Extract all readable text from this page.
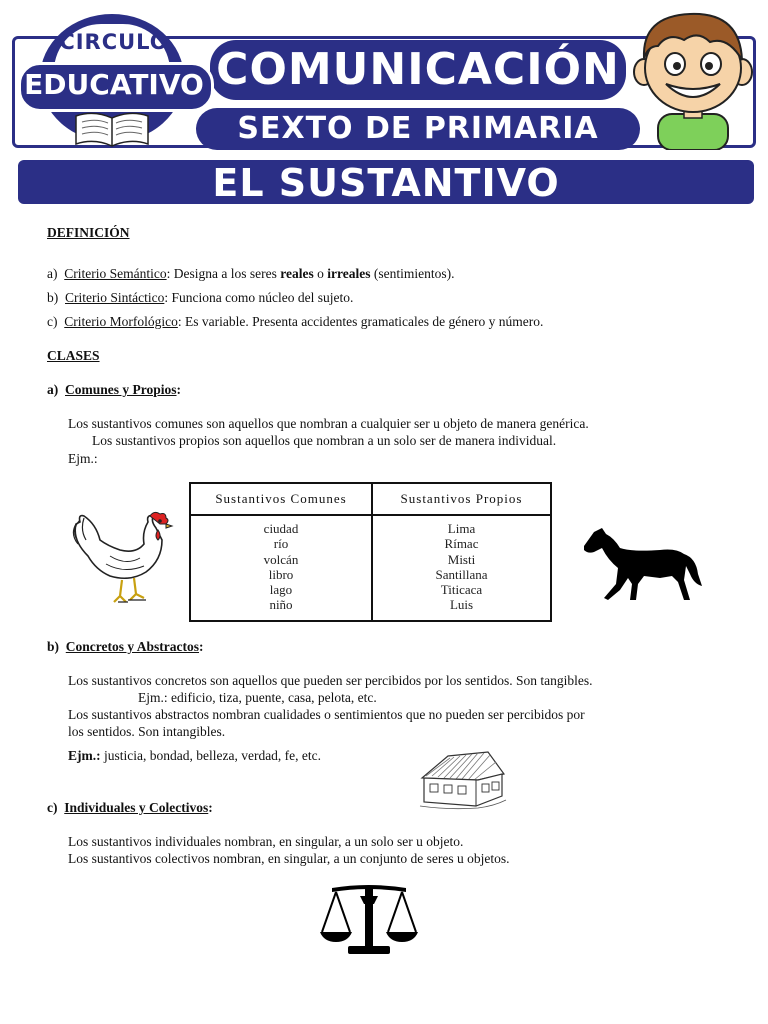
COMUNICACIÓN
SEXTO DE PRIMARIA
CIRCULO
EDUCATIVO
EL SUSTANTIVO
DEFINICIÓN
a) Criterio Semántico: Designa a los seres reales o irreales (sentimientos).
b) Criterio Sintáctico: Funciona como núcleo del sujeto.
c) Criterio Morfológico: Es variable. Presenta accidentes gramaticales de género y número.
CLASES
a) Comunes y Propios:
Los sustantivos comunes son aquellos que nombran a cualquier ser u objeto de manera genérica.
Los sustantivos propios son aquellos que nombran a un solo ser de manera individual.
Ejm.:
Sustantivos Comunes
ciudad
río
volcán
libro
lago
niño
Sustantivos Propios
Lima
Rímac
Misti
Santillana
Titicaca
Luis
b) Concretos y Abstractos:
Los sustantivos concretos son aquellos que pueden ser percibidos por los sentidos. Son tangibles.
Ejm.: edificio, tiza, puente, casa, pelota, etc.
Los sustantivos abstractos nombran cualidades o sentimientos que no pueden ser percibidos por
los sentidos. Son intangibles.
Ejm.: justicia, bondad, belleza, verdad, fe, etc.
c) Individuales y Colectivos:
Los sustantivos individuales nombran, en singular, a un solo ser u objeto.
Los sustantivos colectivos nombran, en singular, a un conjunto de seres u objetos.
